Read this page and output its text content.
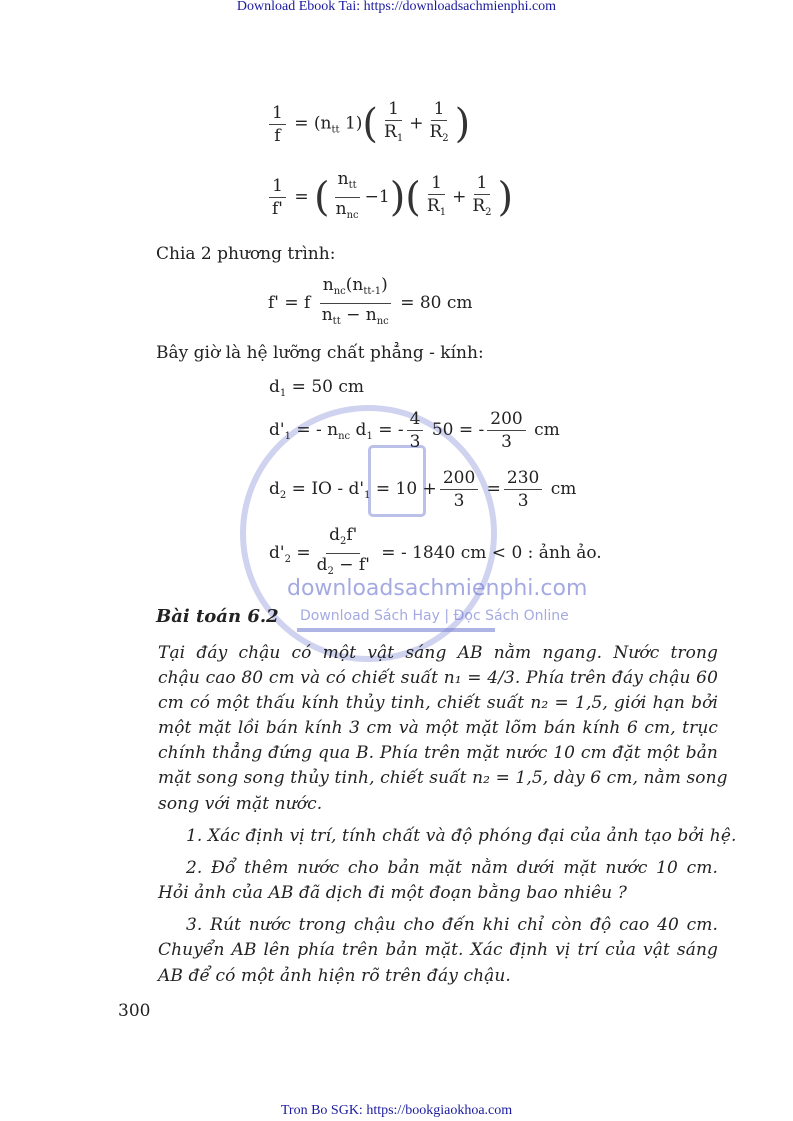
Download Ebook Tai: https://downloadsachmienphi.com
$\frac{1}{f} = (n_{tt}$ $1)( \frac{1}{R_1} + \frac{1}{R_2}$ )
$\frac{1}{f'}$ = ( $\frac{n_{tt}}{n_{nc}} -1)( \frac{1}{R_1} + \frac{1}{R_2}$ )
Chia 2 phương trình:
f' = f $\frac{n_{nc}(n_{tt-1})}{n_{tt} - n_{nc}} = 80$ cm
Bây giờ là hệ lưỡng chất phẳng - kính:
$d_1 = 50$ cm
$d'_1$ = - $n_{nc}$ $d_1$ = - $\frac{4}{3} 50$ = - $\frac{200}{3}$ cm
$d_2$ = IO - $d'_1 = 10 + \frac{200}{3} = \frac{230}{3}$ cm
$d'_2 = \frac{d_2f'}{d_2 - f'}$ = - 1840 cm < 0 : ảnh ảo.
downloadsachmienphi.com
Bài toán 6.2 Download Sách Hay | Đọc Sách Online
Tại đáy chậu có một vật sáng AB nằm ngang. Nước trong
chậu cao 80 cm và có chiết suất n₁ = 4/3. Phía trên đáy chậu 60
cm có một thấu kính thủy tinh, chiết suất n₂ = 1,5, giới hạn bởi
một mặt lồi bán kính 3 cm và một mặt lõm bán kính 6 cm, trục
chính thẳng đứng qua B. Phía trên mặt nước 10 cm đặt một bản
mặt song song thủy tinh, chiết suất n₂ = 1,5, dày 6 cm, nằm song
song với mặt nước.
1. Xác định vị trí, tính chất và độ phóng đại của ảnh tạo bởi hệ.
2. Đổ thêm nước cho bản mặt nằm dưới mặt nước 10 cm.
Hỏi ảnh của AB đã dịch đi một đoạn bằng bao nhiêu ?
3. Rút nước trong chậu cho đến khi chỉ còn độ cao 40 cm.
Chuyển AB lên phía trên bản mặt. Xác định vị trí của vật sáng
AB để có một ảnh hiện rõ trên đáy chậu.
300
Tron Bo SGK: https://bookgiaokhoa.com
